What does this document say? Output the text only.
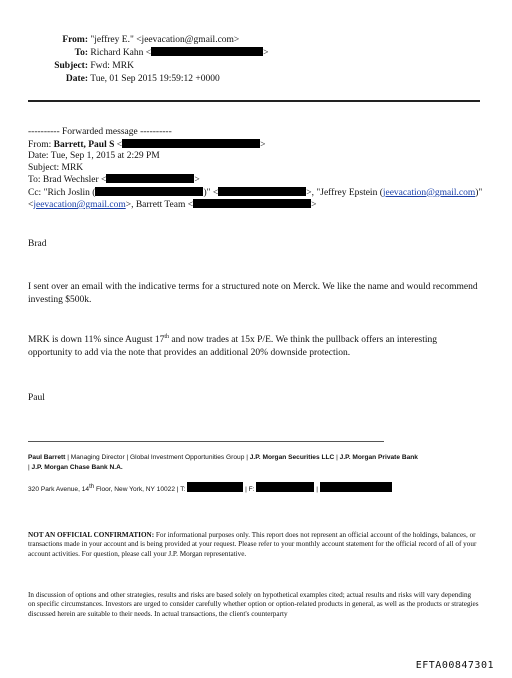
From: "jeffrey E." <jeevacation@gmail.com>
To: Richard Kahn <	>
Subject: Fwd: MRK
Date: Tue, 01 Sep 2015 19:59:12 +0000
---------- Forwarded message ----------
From: Barrett, Paul S <	>
Date: Tue, Sep 1, 2015 at 2:29 PM
Subject: MRK
To: Brad Wechsler <	>
Cc: "Rich Joslin (	)" <	>, "Jeffrey Epstein (jeevacation@gmail.com)"
<jeevacation@gmail.com>, Barrett Team <	>
Brad
I sent over an email with the indicative terms for a structured note on Merck. We like the name and would recommend investing $500k.
MRK is down 11% since August 17th and now trades at 15x P/E. We think the pullback offers an interesting opportunity to add via the note that provides an additional 20% downside protection.
Paul
Paul Barrett | Managing Director | Global Investment Opportunities Group | J.P. Morgan Securities LLC | J.P. Morgan Private Bank
| J.P. Morgan Chase Bank N.A.
320 Park Avenue, 14th Floor, New York, NY 10022 | T:	| F:	|
NOT AN OFFICIAL CONFIRMATION: For informational purposes only. This report does not represent an official account of the holdings, balances, or transactions made in your account and is being provided at your request. Please refer to your monthly account statement for the official record of all of your account activities. For question, please call your J.P. Morgan representative.
In discussion of options and other strategies, results and risks are based solely on hypothetical examples cited; actual results and risks will vary depending on specific circumstances. Investors are urged to consider carefully whether option or option-related products in general, as well as the products or strategies discussed herein are suitable to their needs. In actual transactions, the client's counterparty
EFTA00847301
